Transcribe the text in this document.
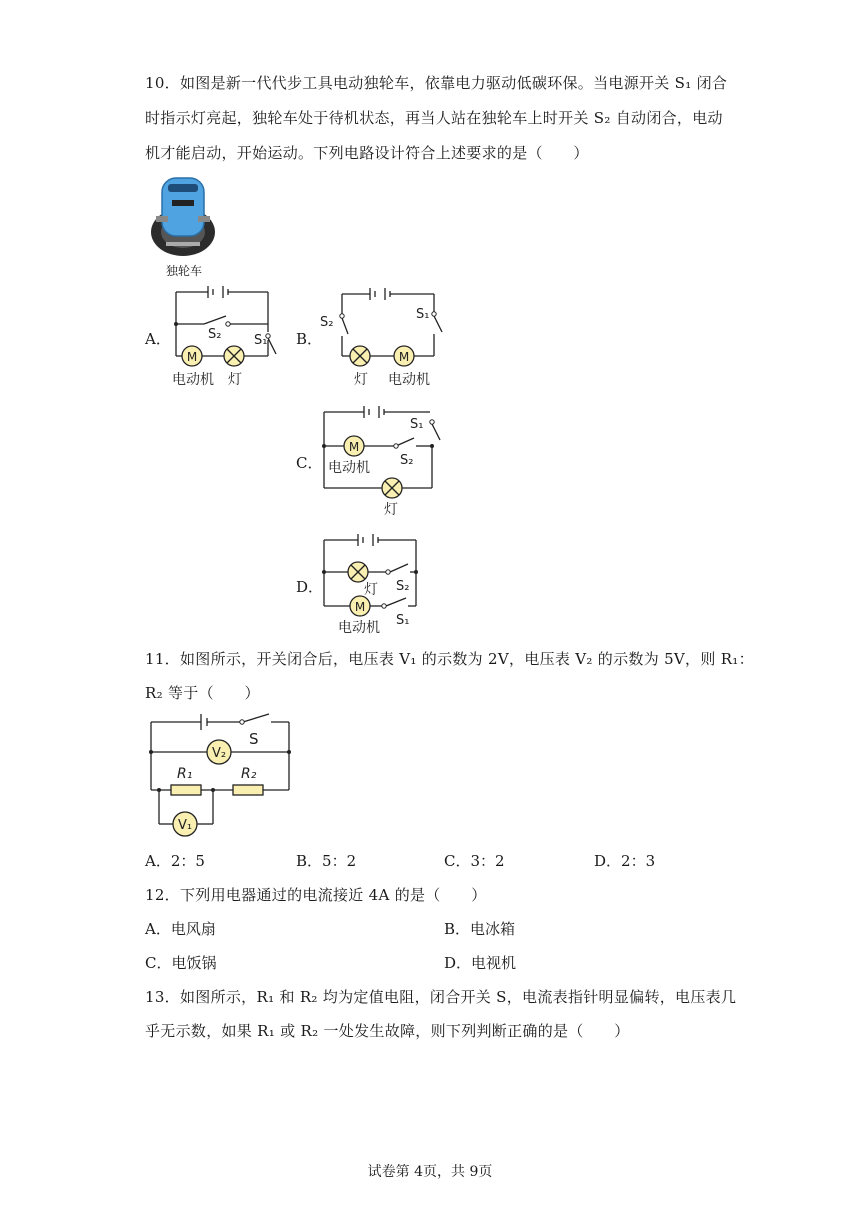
10．如图是新一代代步工具电动独轮车，依靠电力驱动低碳环保。当电源开关 S₁ 闭合
时指示灯亮起，独轮车处于待机状态，再当人站在独轮车上时开关 S₂ 自动闭合，电动
机才能启动，开始运动。下列电路设计符合上述要求的是（　　）
独轮车
A．
M
S₂	S₁
电动机 灯
B．
M
S₂
S₁
灯 电动机
C．
M
S₁
S₂
电动机
灯
D．
M
灯 S₂
S₁
电动机
11．如图所示，开关闭合后，电压表 V₁ 的示数为 2V，电压表 V₂ 的示数为 5V，则 R₁：
R₂ 等于（　　）
V₂
V₁
S
R₁	R₂
A．2：5	B．5：2	C．3：2	D．2：3
12．下列用电器通过的电流接近 4A 的是（　　）
A．电风扇	B．电冰箱
C．电饭锅	D．电视机
13．如图所示，R₁ 和 R₂ 均为定值电阻，闭合开关 S，电流表指针明显偏转，电压表几
乎无示数，如果 R₁ 或 R₂ 一处发生故障，则下列判断正确的是（　　）
试卷第 4页，共 9页
